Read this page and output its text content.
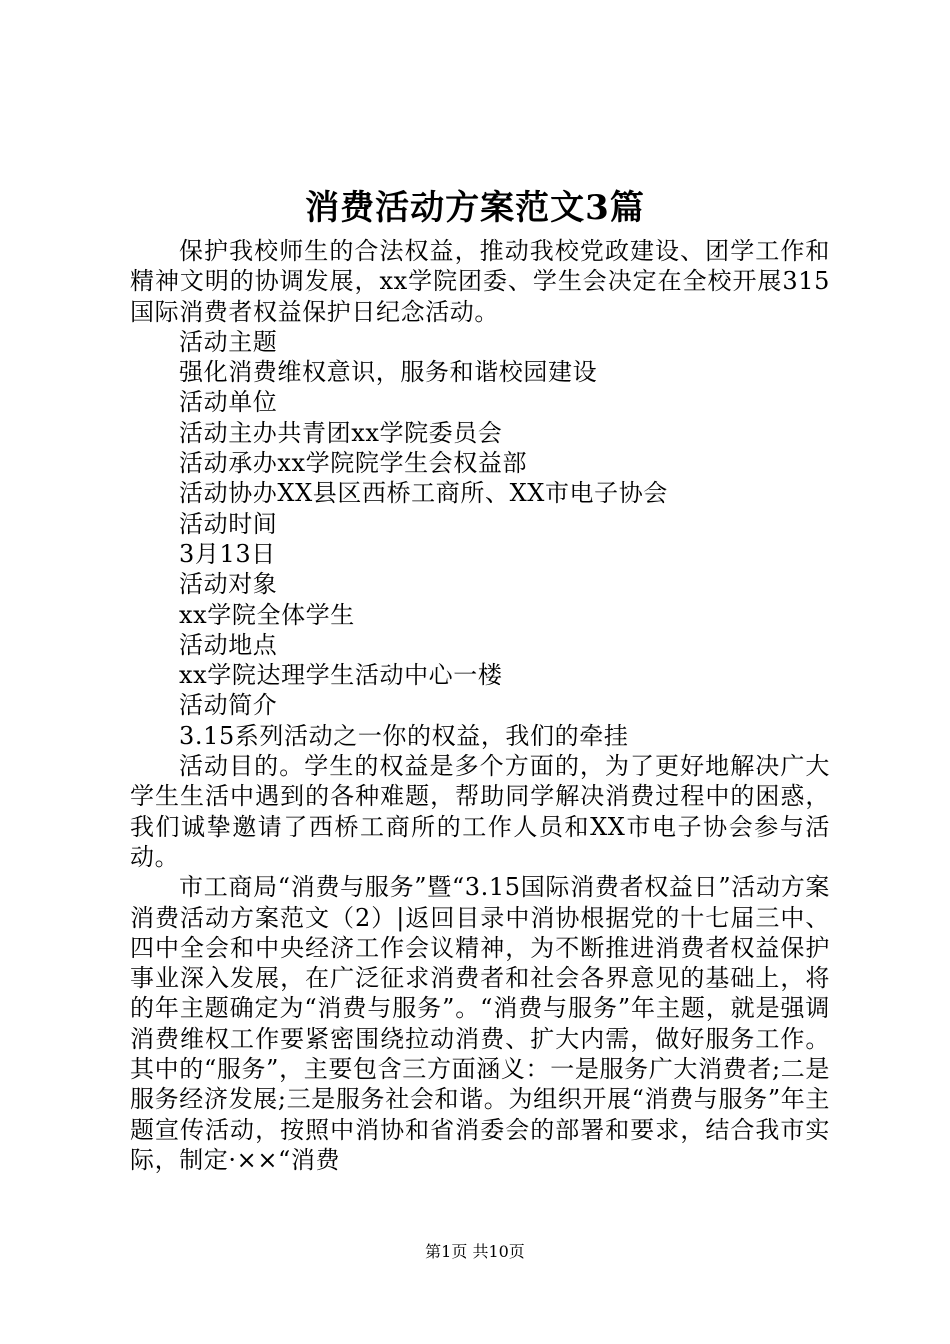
消费活动方案范文3篇

保护我校师生的合法权益，推动我校党政建设、团学工作和精神文明的协调发展，xx学院团委、学生会决定在全校开展315国际消费者权益保护日纪念活动。

活动主题

强化消费维权意识，服务和谐校园建设

活动单位

活动主办共青团xx学院委员会

活动承办xx学院院学生会权益部

活动协办XX县区西桥工商所、XX市电子协会

活动时间

3月13日

活动对象

xx学院全体学生

活动地点

xx学院达理学生活动中心一楼

活动简介

3.15系列活动之一你的权益，我们的牵挂

活动目的。学生的权益是多个方面的，为了更好地解决广大学生生活中遇到的各种难题，帮助同学解决消费过程中的困惑，我们诚挚邀请了西桥工商所的工作人员和XX市电子协会参与活动。

市工商局“消费与服务”暨“3.15国际消费者权益日”活动方案消费活动方案范文（2）|返回目录中消协根据党的十七届三中、四中全会和中央经济工作会议精神，为不断推进消费者权益保护事业深入发展，在广泛征求消费者和社会各界意见的基础上，将的年主题确定为“消费与服务”。“消费与服务”年主题，就是强调消费维权工作要紧密围绕拉动消费、扩大内需，做好服务工作。其中的“服务”，主要包含三方面涵义：一是服务广大消费者;二是服务经济发展;三是服务社会和谐。为组织开展“消费与服务”年主题宣传活动，按照中消协和省消委会的部署和要求，结合我市实际，制定·××“消费

第1页 共10页
